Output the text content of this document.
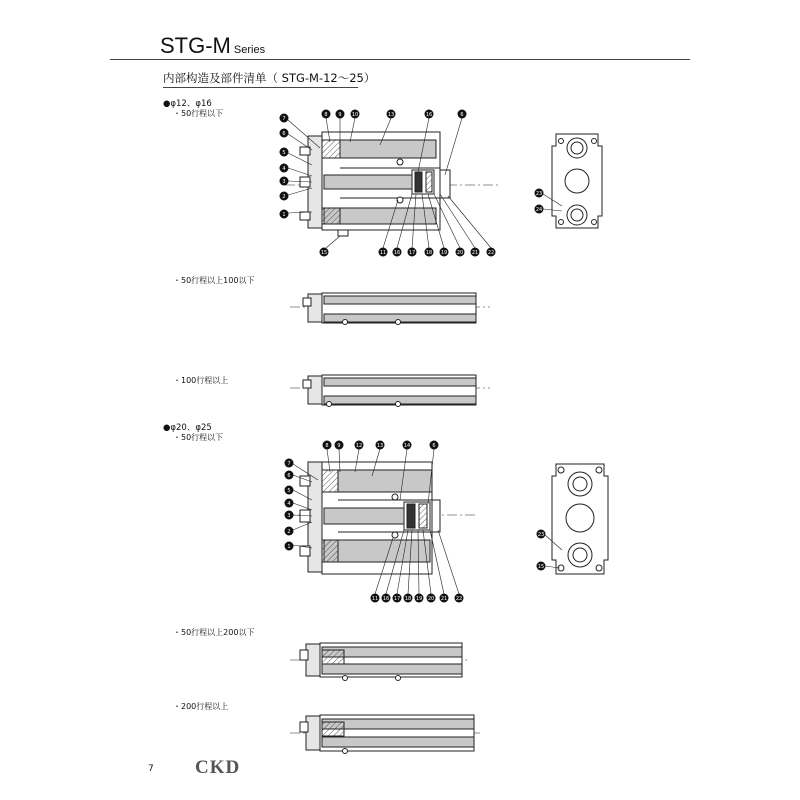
STG-M Series
内部构造及部件清单（ STG-M-12～25）
●φ12、φ16
・50行程以下
・50行程以上100以下
・100行程以上
●φ20、φ25
・50行程以下
・50行程以上200以下
・200行程以上
7
6
5
4
3
2
1
8 9 10	13	16	6
11 16 17 18 19 20 21 22
15
23
24
7
6
5
4
3
2
1
8 9	12	13	14	6
11 16 17 18 19 20 21 22
23
15
7 CKD
